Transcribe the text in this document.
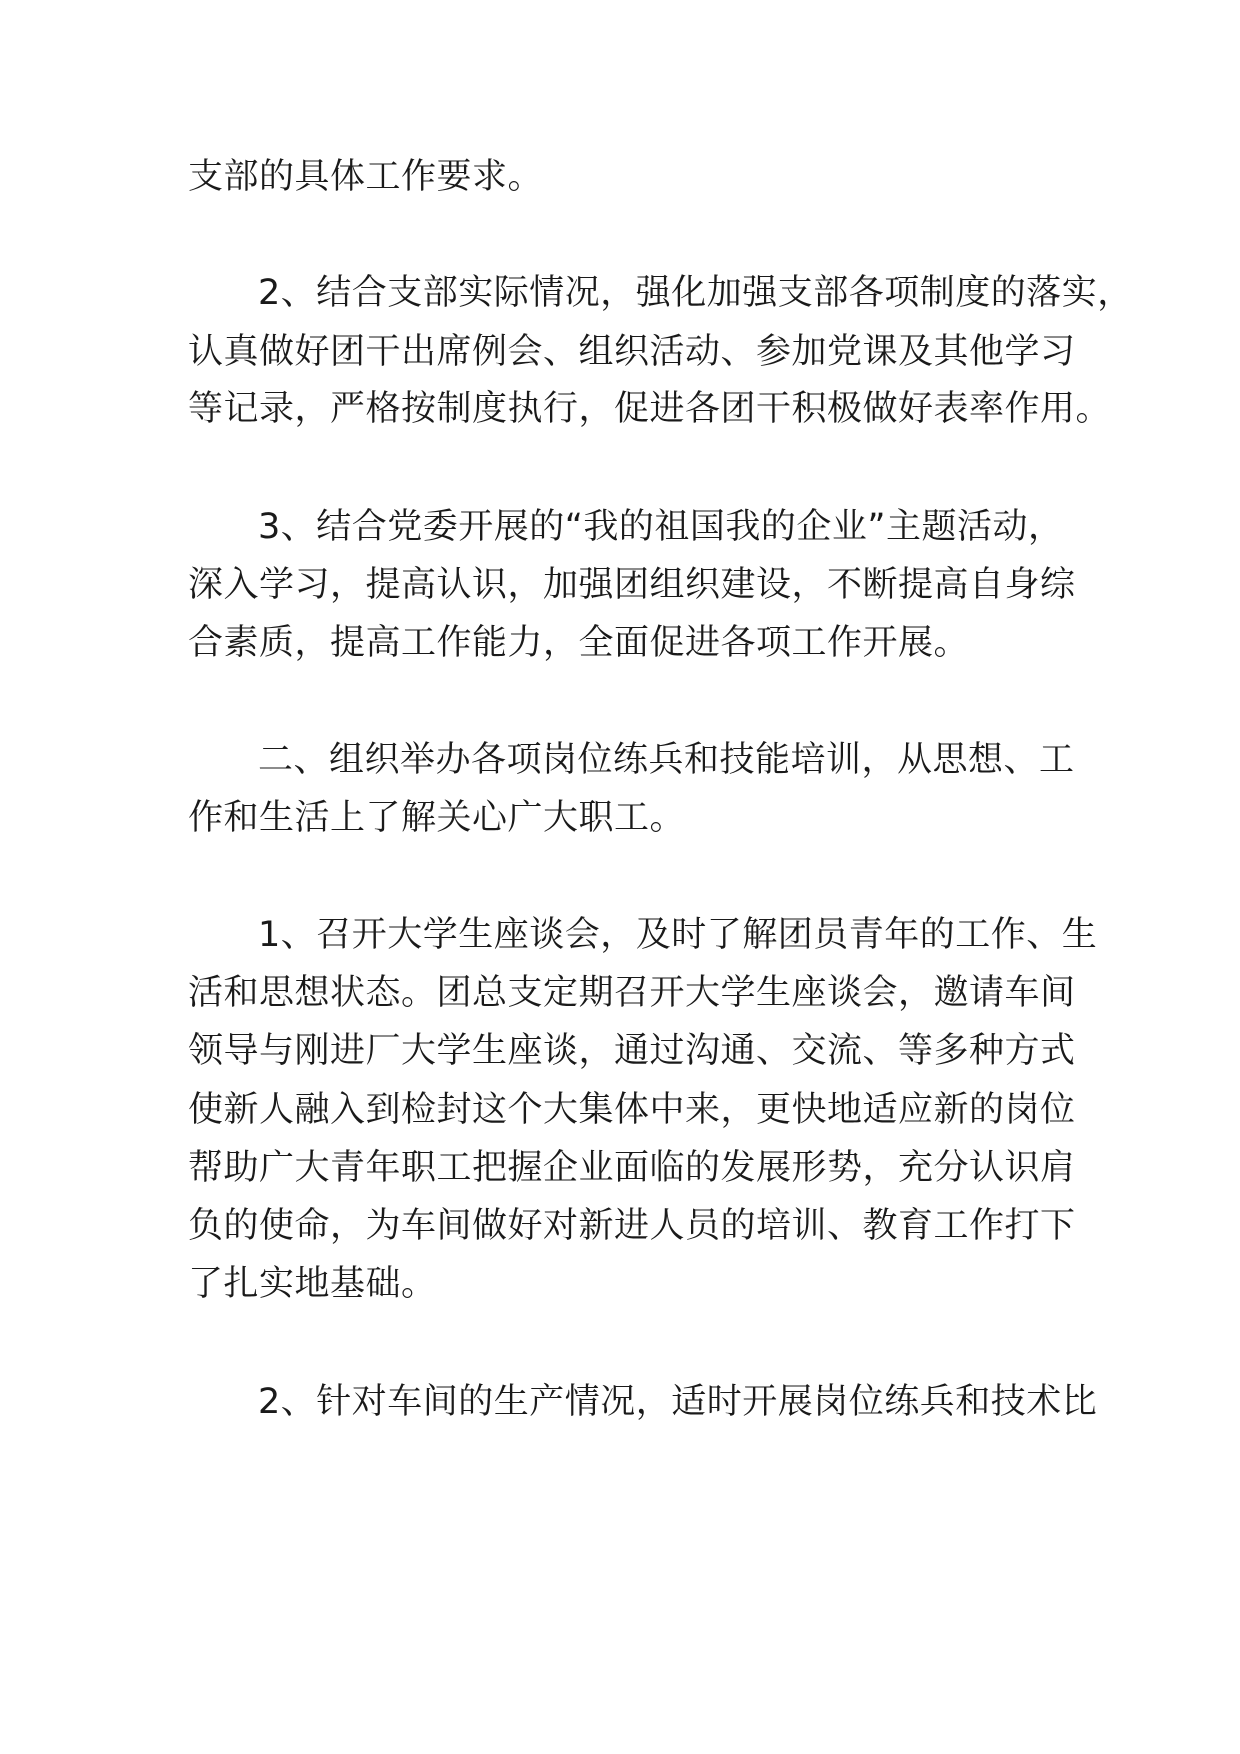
支部的具体工作要求。

2、结合支部实际情况，强化加强支部各项制度的落实，

认真做好团干出席例会、组织活动、参加党课及其他学习

等记录，严格按制度执行，促进各团干积极做好表率作用。

3、结合党委开展的“我的祖国我的企业”主题活动，

深入学习，提高认识，加强团组织建设，不断提高自身综

合素质，提高工作能力，全面促进各项工作开展。

二、组织举办各项岗位练兵和技能培训，从思想、工

作和生活上了解关心广大职工。

1、召开大学生座谈会，及时了解团员青年的工作、生

活和思想状态。团总支定期召开大学生座谈会，邀请车间

领导与刚进厂大学生座谈，通过沟通、交流、等多种方式

使新人融入到检封这个大集体中来，更快地适应新的岗位

帮助广大青年职工把握企业面临的发展形势，充分认识肩

负的使命，为车间做好对新进人员的培训、教育工作打下

了扎实地基础。

2、针对车间的生产情况，适时开展岗位练兵和技术比
